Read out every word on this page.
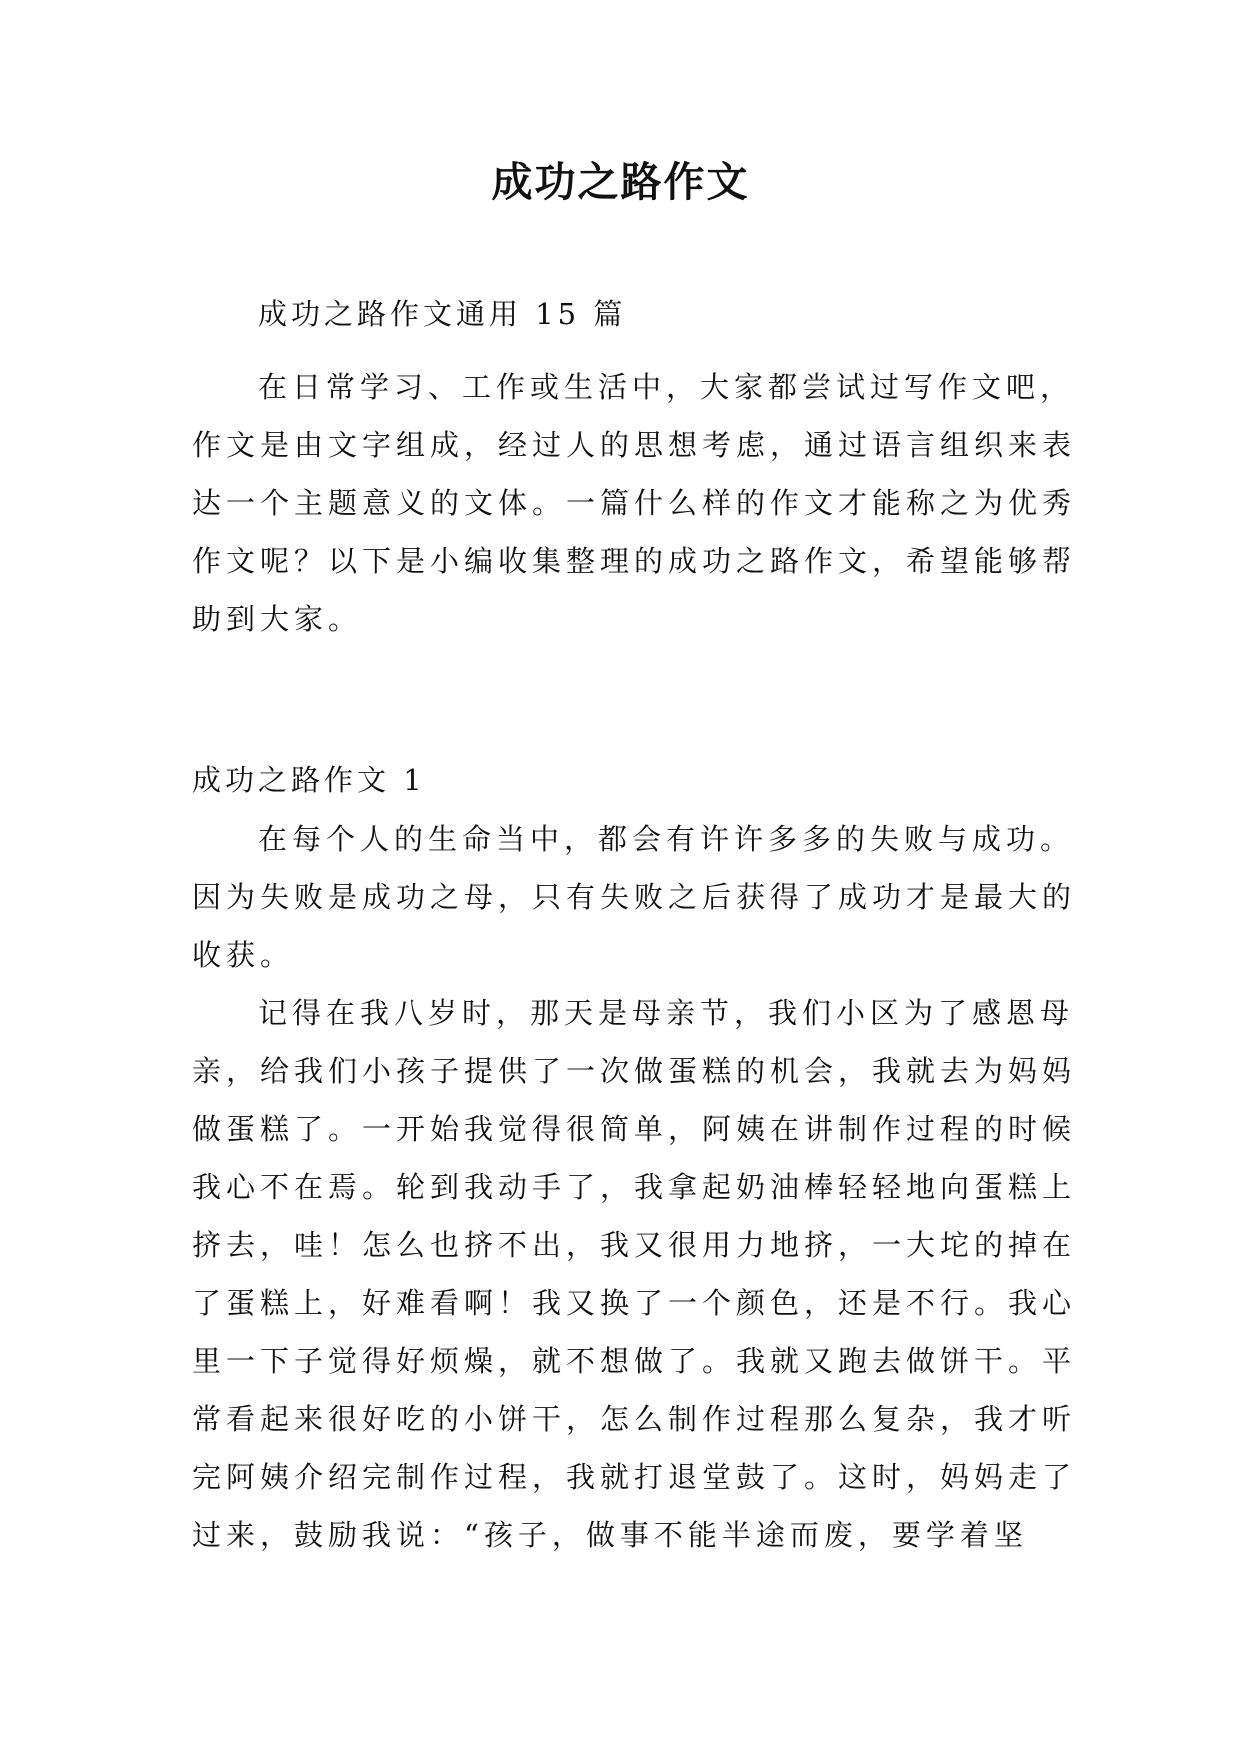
成功之路作文

成功之路作文通用 15 篇

在日常学习、工作或生活中，大家都尝试过写作文吧，
作文是由文字组成，经过人的思想考虑，通过语言组织来表
达一个主题意义的文体。一篇什么样的作文才能称之为优秀
作文呢？以下是小编收集整理的成功之路作文，希望能够帮
助到大家。

成功之路作文 1

在每个人的生命当中，都会有许许多多的失败与成功。
因为失败是成功之母，只有失败之后获得了成功才是最大的
收获。
记得在我八岁时，那天是母亲节，我们小区为了感恩母
亲，给我们小孩子提供了一次做蛋糕的机会，我就去为妈妈
做蛋糕了。一开始我觉得很简单，阿姨在讲制作过程的时候
我心不在焉。轮到我动手了，我拿起奶油棒轻轻地向蛋糕上
挤去，哇！怎么也挤不出，我又很用力地挤，一大坨的掉在
了蛋糕上，好难看啊！我又换了一个颜色，还是不行。我心
里一下子觉得好烦燥，就不想做了。我就又跑去做饼干。平
常看起来很好吃的小饼干，怎么制作过程那么复杂，我才听
完阿姨介绍完制作过程，我就打退堂鼓了。这时，妈妈走了
过来，鼓励我说：“孩子，做事不能半途而废，要学着坚
